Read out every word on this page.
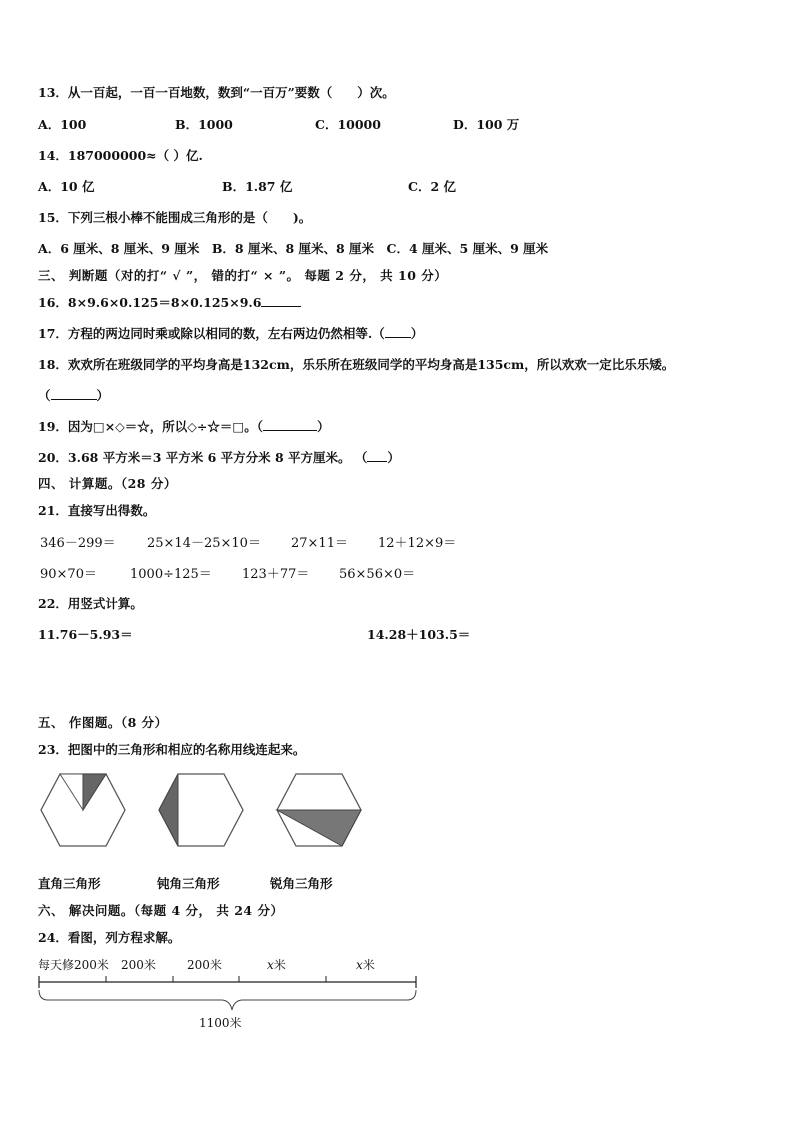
13．从一百起，一百一百地数，数到“一百万”要数（　　）次。
A．100	B．1000	C．10000	D．100 万
14．187000000≈（ ）亿.
A．10 亿	B．1.87 亿	C．2 亿
15．下列三根小棒不能围成三角形的是（　　)。
A．6 厘米、8 厘米、9 厘米　B．8 厘米、8 厘米、8 厘米　C．4 厘米、5 厘米、9 厘米
三、 判断题（对的打“ √ ”， 错的打“ × ”。 每题 2 分， 共 10 分）
16．8×9.6×0.125＝8×0.125×9.6
17．方程的两边同时乘或除以相同的数，左右两边仍然相等.（ ）
18．欢欢所在班级同学的平均身高是132cm，乐乐所在班级同学的平均身高是135cm，所以欢欢一定比乐乐矮。
（	）
19．因为□×◇＝☆，所以◇÷☆＝□。（	）
20．3.68 平方米＝3 平方米 6 平方分米 8 平方厘米。 （ ）
四、 计算题。（28 分）
21．直接写出得数。
346－299＝ 25×14－25×10＝ 27×11＝ 12＋12×9＝
90×70＝	1000÷125＝ 123＋77＝ 56×56×0＝
22．用竖式计算。
11.76－5.93＝	14.28＋103.5＝
五、 作图题。（8 分）
23．把图中的三角形和相应的名称用线连起来。
直角三角形	钝角三角形	锐角三角形
六、 解决问题。（每题 4 分， 共 24 分）
24．看图，列方程求解。
每天修200米 200米	200米	x米	x米
1100米
